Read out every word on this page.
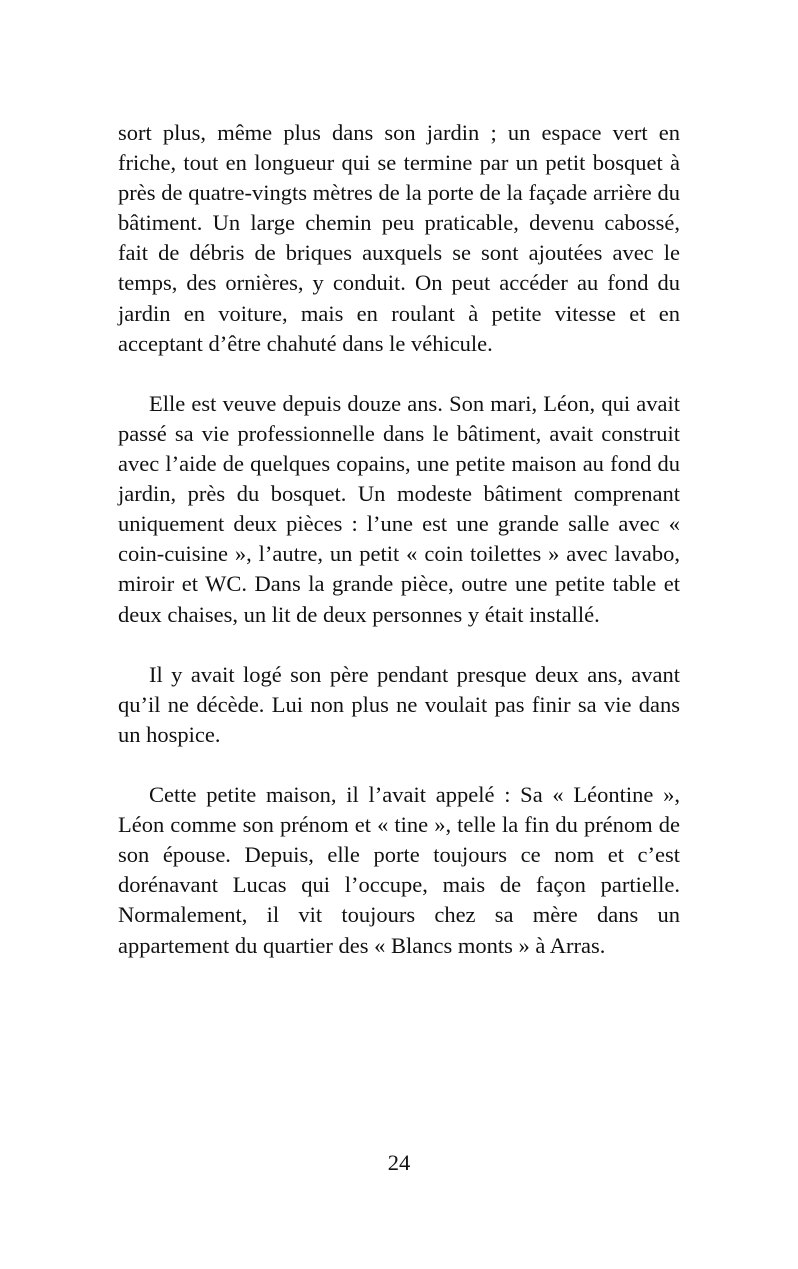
sort plus, même plus dans son jardin ; un espace vert en friche, tout en longueur qui se termine par un petit bosquet à près de quatre-vingts mètres de la porte de la façade arrière du bâtiment. Un large chemin peu praticable, devenu cabossé, fait de débris de briques auxquels se sont ajoutées avec le temps, des ornières, y conduit. On peut accéder au fond du jardin en voiture, mais en roulant à petite vitesse et en acceptant d’être chahuté dans le véhicule.

Elle est veuve depuis douze ans. Son mari, Léon, qui avait passé sa vie professionnelle dans le bâtiment, avait construit avec l’aide de quelques copains, une petite maison au fond du jardin, près du bosquet. Un modeste bâtiment comprenant uniquement deux pièces : l’une est une grande salle avec « coin-cuisine », l’autre, un petit « coin toilettes » avec lavabo, miroir et WC. Dans la grande pièce, outre une petite table et deux chaises, un lit de deux personnes y était installé.

Il y avait logé son père pendant presque deux ans, avant qu’il ne décède. Lui non plus ne voulait pas finir sa vie dans un hospice.

Cette petite maison, il l’avait appelé : Sa « Léontine », Léon comme son prénom et « tine », telle la fin du prénom de son épouse. Depuis, elle porte toujours ce nom et c’est dorénavant Lucas qui l’occupe, mais de façon partielle. Normalement, il vit toujours chez sa mère dans un appartement du quartier des « Blancs monts » à Arras.

24
